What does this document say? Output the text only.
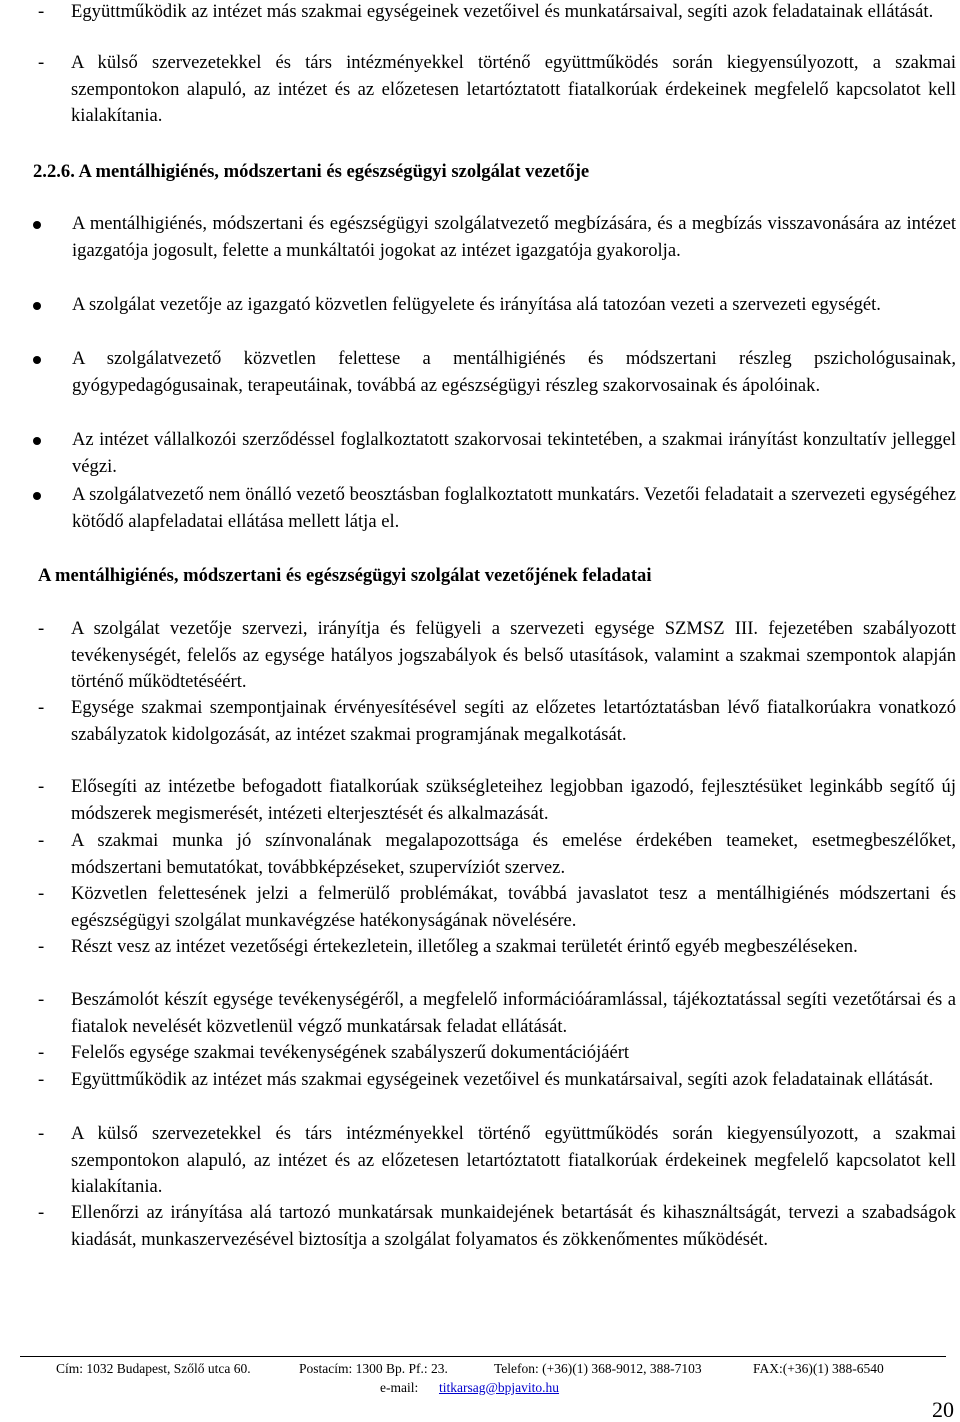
-	Együttműködik az intézet más szakmai egységeinek vezetőivel és munkatársaival, segíti azok feladatainak ellátását.
-	A külső szervezetekkel és társ intézményekkel történő együttműködés során kiegyensúlyozott, a szakmai szempontokon alapuló, az intézet és az előzetesen letartóztatott fiatalkorúak érdekeinek megfelelő kapcsolatot kell kialakítania.
2.2.6. A mentálhigiénés, módszertani és egészségügyi szolgálat vezetője
A mentálhigiénés, módszertani és egészségügyi szolgálatvezető megbízására, és a megbízás visszavonására az intézet igazgatója jogosult, felette a munkáltatói jogokat az intézet igazgatója gyakorolja.
A szolgálat vezetője az igazgató közvetlen felügyelete és irányítása alá tatozóan vezeti a szervezeti egységét.
A szolgálatvezető közvetlen felettese a mentálhigiénés és módszertani részleg pszichológusainak, gyógypedagógusainak, terapeutáinak, továbbá az egészségügyi részleg szakorvosainak és ápolóinak.
Az intézet vállalkozói szerződéssel foglalkoztatott szakorvosai tekintetében, a szakmai irányítást konzultatív jelleggel végzi.
A szolgálatvezető nem önálló vezető beosztásban foglalkoztatott munkatárs. Vezetői feladatait a szervezeti egységéhez kötődő alapfeladatai ellátása mellett látja el.
A mentálhigiénés, módszertani és egészségügyi szolgálat vezetőjének feladatai
-	A szolgálat vezetője szervezi, irányítja és felügyeli a szervezeti egysége SZMSZ III. fejezetében szabályozott tevékenységét, felelős az egysége hatályos jogszabályok és belső utasítások, valamint a szakmai szempontok alapján történő működtetéséért.
-	Egysége szakmai szempontjainak érvényesítésével segíti az előzetes letartóztatásban lévő fiatalkorúakra vonatkozó szabályzatok kidolgozását, az intézet szakmai programjának megalkotását.
-	Elősegíti az intézetbe befogadott fiatalkorúak szükségleteihez legjobban igazodó, fejlesztésüket leginkább segítő új módszerek megismerését, intézeti elterjesztését és alkalmazását.
-	A szakmai munka jó színvonalának megalapozottsága és emelése érdekében teameket, esetmegbeszélőket, módszertani bemutatókat, továbbképzéseket, szupervíziót szervez.
-	Közvetlen felettesének jelzi a felmerülő problémákat, továbbá javaslatot tesz a mentálhigiénés módszertani és egészségügyi szolgálat munkavégzése hatékonyságának növelésére.
-	Részt vesz az intézet vezetőségi értekezletein, illetőleg a szakmai területét érintő egyéb megbeszéléseken.
-	Beszámolót készít egysége tevékenységéről, a megfelelő információáramlással, tájékoztatással segíti vezetőtársai és a fiatalok nevelését közvetlenül végző munkatársak feladat ellátását.
-	Felelős egysége szakmai tevékenységének szabályszerű dokumentációjáért
-	Együttműködik az intézet más szakmai egységeinek vezetőivel és munkatársaival, segíti azok feladatainak ellátását.
-	A külső szervezetekkel és társ intézményekkel történő együttműködés során kiegyensúlyozott, a szakmai szempontokon alapuló, az intézet és az előzetesen letartóztatott fiatalkorúak érdekeinek megfelelő kapcsolatot kell kialakítania.
-	Ellenőrzi az irányítása alá tartozó munkatársak munkaidejének betartását és kihasználtságát, tervezi a szabadságok kiadását, munkaszervezésével biztosítja a szolgálat folyamatos és zökkenőmentes működését.
Cím: 1032 Budapest, Szőlő utca 60.	Postacím: 1300 Bp. Pf.: 23.	Telefon: (+36)(1) 368-9012, 388-7103	FAX:(+36)(1) 388-6540
e-mail: titkarsag@bpjavito.hu
20
